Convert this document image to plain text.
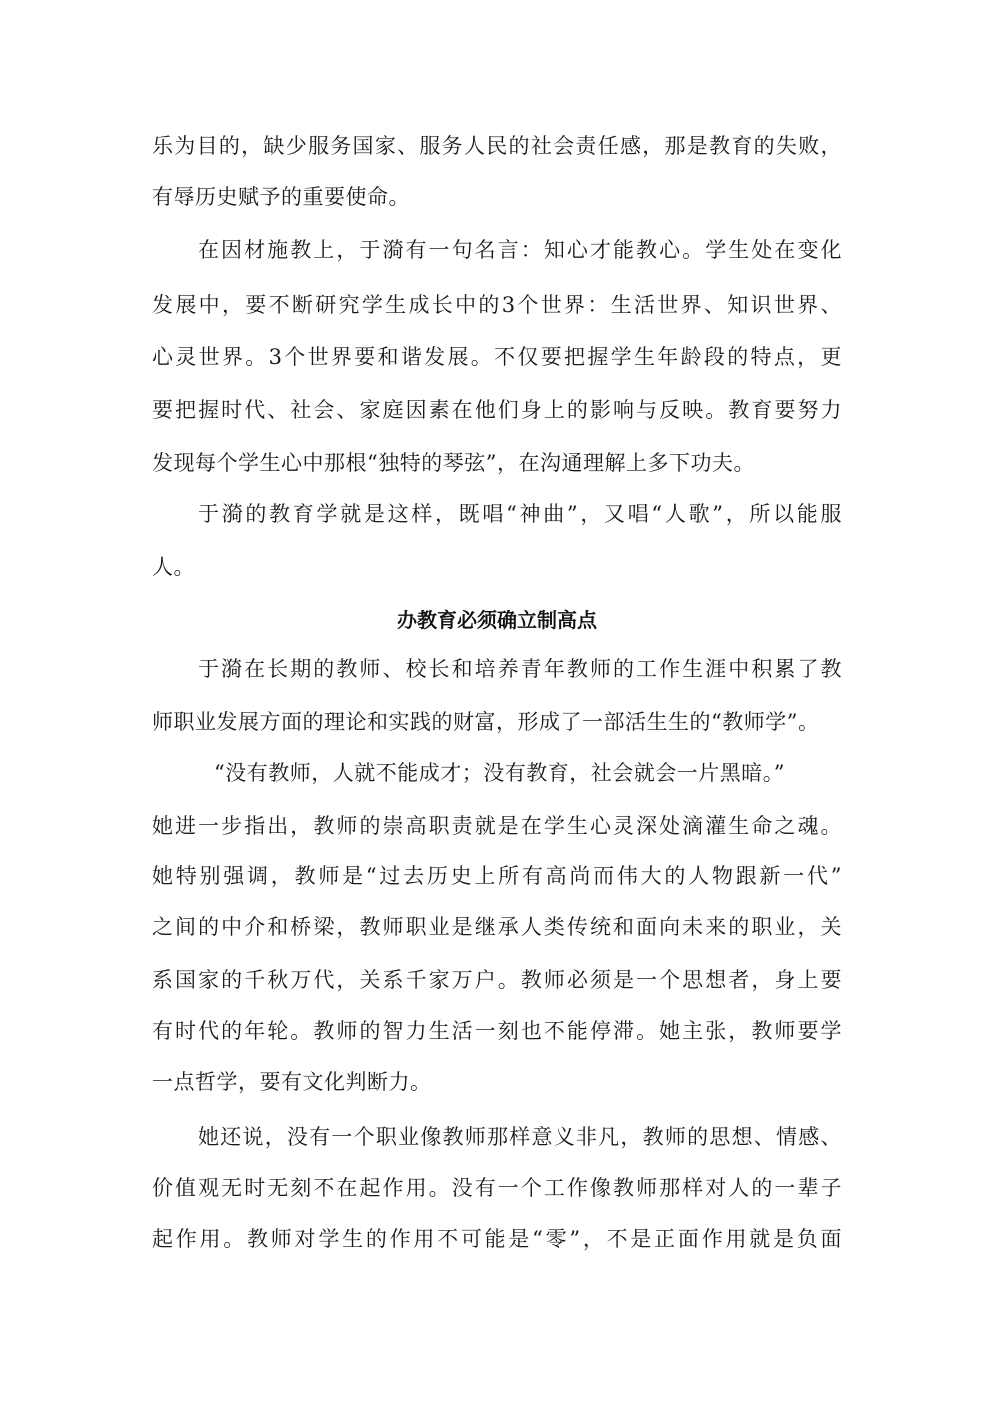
乐为目的，缺少服务国家、服务人民的社会责任感，那是教育的失败，
有辱历史赋予的重要使命。
在因材施教上，于漪有一句名言：知心才能教心。学生处在变化
发展中，要不断研究学生成长中的3个世界：生活世界、知识世界、
心灵世界。3个世界要和谐发展。不仅要把握学生年龄段的特点，更
要把握时代、社会、家庭因素在他们身上的影响与反映。教育要努力
发现每个学生心中那根“独特的琴弦”，在沟通理解上多下功夫。
于漪的教育学就是这样，既唱“神曲”，又唱“人歌”，所以能服
人。
办教育必须确立制高点
于漪在长期的教师、校长和培养青年教师的工作生涯中积累了教
师职业发展方面的理论和实践的财富，形成了一部活生生的“教师学”。
“没有教师，人就不能成才；没有教育，社会就会一片黑暗。”
她进一步指出，教师的崇高职责就是在学生心灵深处滴灌生命之魂。
她特别强调，教师是“过去历史上所有高尚而伟大的人物跟新一代”
之间的中介和桥梁，教师职业是继承人类传统和面向未来的职业，关
系国家的千秋万代，关系千家万户。教师必须是一个思想者，身上要
有时代的年轮。教师的智力生活一刻也不能停滞。她主张，教师要学
一点哲学，要有文化判断力。
她还说，没有一个职业像教师那样意义非凡，教师的思想、情感、
价值观无时无刻不在起作用。没有一个工作像教师那样对人的一辈子
起作用。教师对学生的作用不可能是“零”，不是正面作用就是负面
